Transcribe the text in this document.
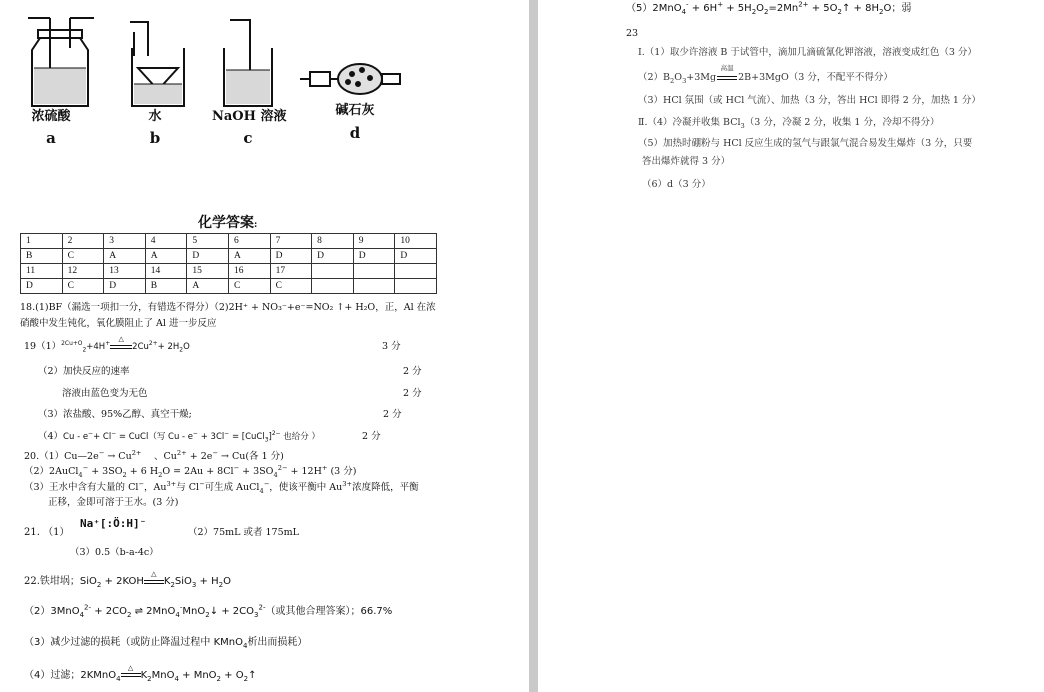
浓硫酸
a
水
b
NaOH 溶液
c
碱石灰
d
化学答案:
1	2	3	4	5	6	7	8	9	10
B	C	A	A	D	A	D	D	D	D
11	12	13	14	15	16	17			
D	C	D	B	A	C	C			
18.(1)BF（漏选一项扣一分，有错选不得分）（2)2H⁺ + NO₃⁻+e⁻=NO₂ ↑+ H₂O，正，Al 在浓
硝酸中发生钝化，氧化膜阻止了 Al 进一步反应
$19(1)^{2Cu+O}_2+4H^+$
△
$2Cu^{2+}+ 2H_2O$	3 分
（2）加快反应的速率	2 分
溶液由蓝色变为无色	2 分
（3）浓盐酸、95%乙醇、真空干燥;	2 分
（4）Cu - e−+ Cl− = CuCl（写 Cu - e− + 3Cl− = [CuCl$_3$]$^{2-}$ 也给分 ）	2 分
20.（1）Cu—2e− → $Cu^{2+}$　 、$Cu^{2+} + 2e^- \to Cu$(各 1 分)
（2）2AuCl$_4$− + $3SO_2 + 6$ $H_2O = 2Au + 8Cl^- + 3SO_4^{2-} + 12H^+$ (3 分)
（3）王水中含有大量的 Cl−，$Au^{3+}$与 Cl−可生成 AuCl$_4$−，使该平衡中 $Au^{3+}$浓度降低，平衡
正移，金即可溶于王水。(3 分)
21. （1）
Na⁺[:Ö:H]⁻
（2）75mL 或者 175mL
（3）0.5（b-a-4c）
22.铁坩埚；SiO$_2$ + 2KOH
△
$K_2SiO_3 + H_2O$
$(2)3MnO_4^{2-} + 2CO_2$ ⇌ 2MnO$_4$-MnO$_2$↓ + $2CO_3^{2-}$（或其他合理答案）；66.7%
（3）减少过滤的损耗（或防止降温过程中 KMnO$_4$析出而损耗）
（4）过滤；2KMnO$_4$
△
$K_2MnO_4 + MnO_2$ + $O_2↑$
$(5)2MnO_4^- + 6H^+ + 5H_2O_2=2Mn^{2+}$ + $5O_2↑ + 8H_2O$；弱
23
Ⅰ.（1）取少许溶液 B 于试管中，滴加几滴硫氰化钾溶液，溶液变成红色（3 分）
$(2)B_2O_3+3Mg$
高温
2B+3MgO（3 分，不配平不得分）
（3）HCl 氛围（或 HCl 气流）、加热（3 分，答出 HCl 即得 2 分，加热 1 分）
Ⅱ.（4）冷凝并收集 BCl$_3$（3 分，冷凝 2 分，收集 1 分，冷却不得分）
（5）加热时硼粉与 HCl 反应生成的氢气与跟氯气混合易发生爆炸（3 分，只要
答出爆炸就得 3 分）
（6）d（3 分）
